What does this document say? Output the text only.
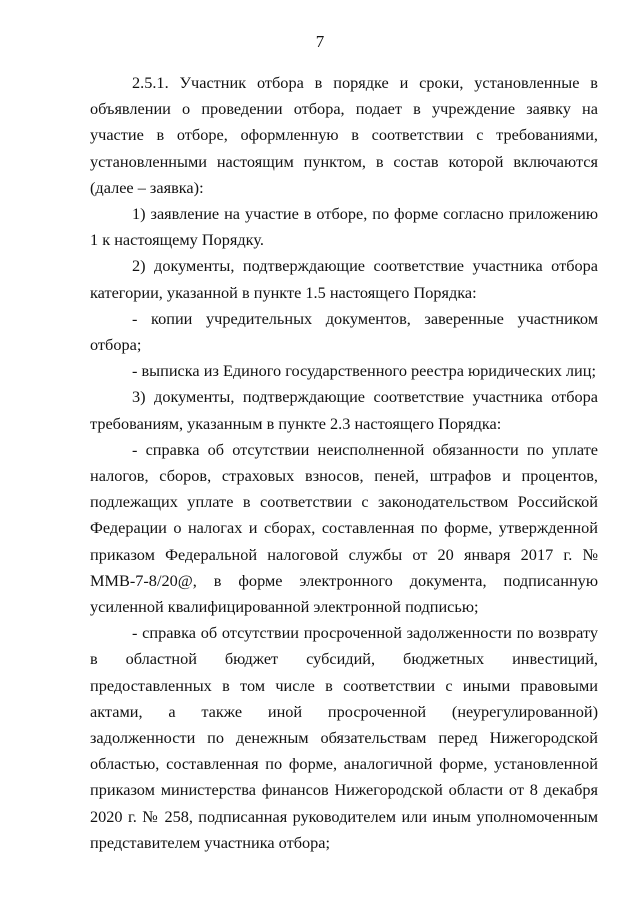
7

2.5.1. Участник отбора в порядке и сроки, установленные в объявлении о проведении отбора, подает в учреждение заявку на участие в отборе, оформленную в соответствии с требованиями, установленными настоящим пунктом, в состав которой включаются (далее – заявка):

1) заявление на участие в отборе, по форме согласно приложению 1 к настоящему Порядку.

2) документы, подтверждающие соответствие участника отбора категории, указанной в пункте 1.5 настоящего Порядка:

- копии учредительных документов, заверенные участником отбора;

- выписка из Единого государственного реестра юридических лиц;

3) документы, подтверждающие соответствие участника отбора требованиям, указанным в пункте 2.3 настоящего Порядка:

- справка об отсутствии неисполненной обязанности по уплате налогов, сборов, страховых взносов, пеней, штрафов и процентов, подлежащих уплате в соответствии с законодательством Российской Федерации о налогах и сборах, составленная по форме, утвержденной приказом Федеральной налоговой службы от 20 января 2017 г. № ММВ-7-8/20@, в форме электронного документа, подписанную усиленной квалифицированной электронной подписью;

- справка об отсутствии просроченной задолженности по возврату в областной бюджет субсидий, бюджетных инвестиций, предоставленных в том числе в соответствии с иными правовыми актами, а также иной просроченной (неурегулированной) задолженности по денежным обязательствам перед Нижегородской областью, составленная по форме, аналогичной форме, установленной приказом министерства финансов Нижегородской области от 8 декабря 2020 г. № 258, подписанная руководителем или иным уполномоченным представителем участника отбора;
